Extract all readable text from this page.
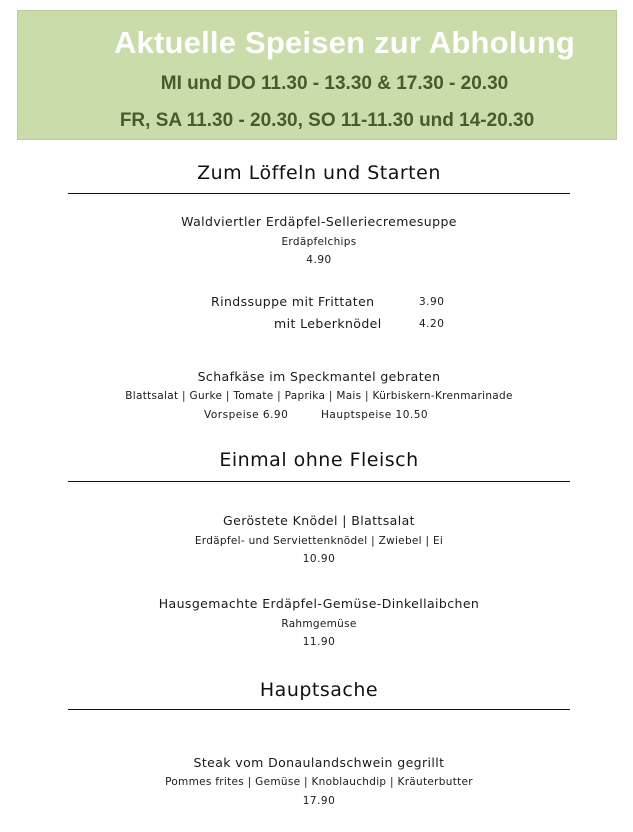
Aktuelle Speisen zur Abholung
MI und DO 11.30 - 13.30 & 17.30 - 20.30
FR, SA 11.30 - 20.30, SO 11-11.30 und 14-20.30
Zum Löffeln und Starten
Waldviertler Erdäpfel-Selleriecremesuppe
Erdäpfelchips
4.90
Rindssuppe mit Frittaten	3.90
mit Leberknödel	4.20
Schafkäse im Speckmantel gebraten
Blattsalat | Gurke | Tomate | Paprika | Mais | Kürbiskern-Krenmarinade
Vorspeise 6.90	Hauptspeise 10.50
Einmal ohne Fleisch
Geröstete Knödel | Blattsalat
Erdäpfel- und Serviettenknödel | Zwiebel | Ei
10.90
Hausgemachte Erdäpfel-Gemüse-Dinkellaibchen
Rahmgemüse
11.90
Hauptsache
Steak vom Donaulandschwein gegrillt
Pommes frites | Gemüse | Knoblauchdip | Kräuterbutter
17.90
